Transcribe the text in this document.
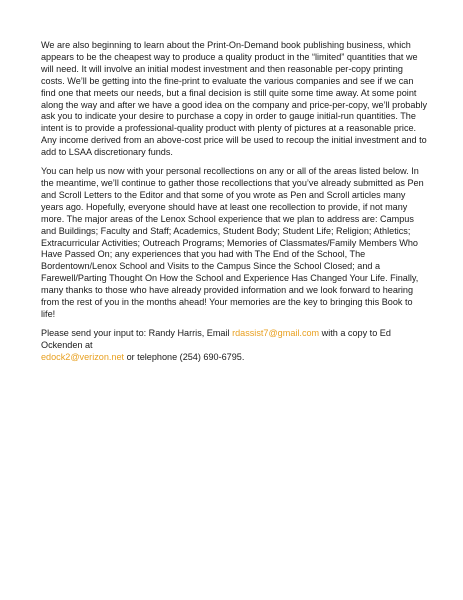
We are also beginning to learn about the Print-On-Demand book publishing business, which appears to be the cheapest way to produce a quality product in the “limited” quantities that we will need. It will involve an initial modest investment and then reasonable per-copy printing costs. We’ll be getting into the fine-print to evaluate the various companies and see if we can find one that meets our needs, but a final decision is still quite some time away. At some point along the way and after we have a good idea on the company and price-per-copy, we’ll probably ask you to indicate your desire to purchase a copy in order to gauge initial-run quantities. The intent is to provide a professional-quality product with plenty of pictures at a reasonable price. Any income derived from an above-cost price will be used to recoup the initial investment and to add to LSAA discretionary funds.

You can help us now with your personal recollections on any or all of the areas listed below. In the meantime, we’ll continue to gather those recollections that you’ve already submitted as Pen and Scroll Letters to the Editor and that some of you wrote as Pen and Scroll articles many years ago. Hopefully, everyone should have at least one recollection to provide, if not many more. The major areas of the Lenox School experience that we plan to address are: Campus and Buildings; Faculty and Staff; Academics, Student Body; Student Life; Religion; Athletics; Extracurricular Activities; Outreach Programs; Memories of Classmates/Family Members Who Have Passed On; any experiences that you had with The End of the School, The Bordentown/Lenox School and Visits to the Campus Since the School Closed; and a Farewell/Parting Thought On How the School and Experience Has Changed Your Life. Finally, many thanks to those who have already provided information and we look forward to hearing from the rest of you in the months ahead! Your memories are the key to bringing this Book to life!

Please send your input to: Randy Harris, Email rdassist7@gmail.com with a copy to Ed Ockenden at
edock2@verizon.net or telephone (254) 690-6795.
